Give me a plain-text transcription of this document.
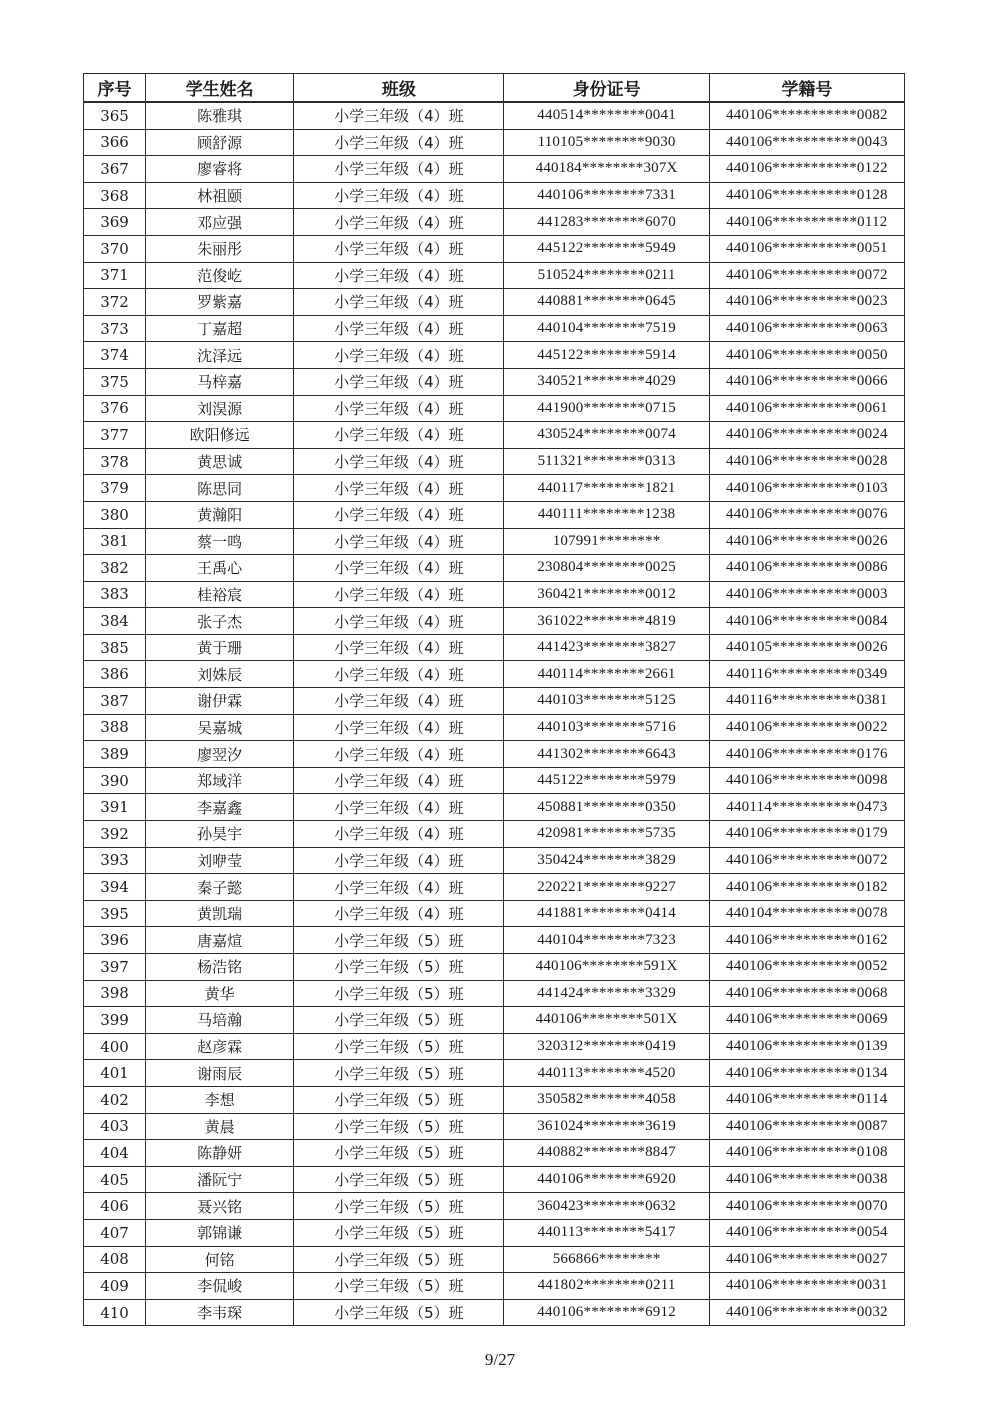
序号	学生姓名	班级	身份证号	学籍号
365	陈雅琪	小学三年级（4）班	440514********0041	440106***********0082
366	顾舒源	小学三年级（4）班	110105********9030	440106***********0043
367	廖睿将	小学三年级（4）班	440184********307X	440106***********0122
368	林祖颐	小学三年级（4）班	440106********7331	440106***********0128
369	邓应强	小学三年级（4）班	441283********6070	440106***********0112
370	朱丽彤	小学三年级（4）班	445122********5949	440106***********0051
371	范俊屹	小学三年级（4）班	510524********0211	440106***********0072
372	罗紫嘉	小学三年级（4）班	440881********0645	440106***********0023
373	丁嘉超	小学三年级（4）班	440104********7519	440106***********0063
374	沈泽远	小学三年级（4）班	445122********5914	440106***********0050
375	马梓嘉	小学三年级（4）班	340521********4029	440106***********0066
376	刘淏源	小学三年级（4）班	441900********0715	440106***********0061
377	欧阳修远	小学三年级（4）班	430524********0074	440106***********0024
378	黄思诚	小学三年级（4）班	511321********0313	440106***********0028
379	陈思同	小学三年级（4）班	440117********1821	440106***********0103
380	黄瀚阳	小学三年级（4）班	440111********1238	440106***********0076
381	蔡一鸣	小学三年级（4）班	107991********	440106***********0026
382	王禹心	小学三年级（4）班	230804********0025	440106***********0086
383	桂裕宸	小学三年级（4）班	360421********0012	440106***********0003
384	张子杰	小学三年级（4）班	361022********4819	440106***********0084
385	黄于珊	小学三年级（4）班	441423********3827	440105***********0026
386	刘姝辰	小学三年级（4）班	440114********2661	440116***********0349
387	谢伊霖	小学三年级（4）班	440103********5125	440116***********0381
388	吴嘉城	小学三年级（4）班	440103********5716	440106***********0022
389	廖翌汐	小学三年级（4）班	441302********6643	440106***********0176
390	郑域洋	小学三年级（4）班	445122********5979	440106***********0098
391	李嘉鑫	小学三年级（4）班	450881********0350	440114***********0473
392	孙昊宇	小学三年级（4）班	420981********5735	440106***********0179
393	刘咿莹	小学三年级（4）班	350424********3829	440106***********0072
394	秦子懿	小学三年级（4）班	220221********9227	440106***********0182
395	黄凯瑞	小学三年级（4）班	441881********0414	440104***********0078
396	唐嘉煊	小学三年级（5）班	440104********7323	440106***********0162
397	杨浩铭	小学三年级（5）班	440106********591X	440106***********0052
398	黄华	小学三年级（5）班	441424********3329	440106***********0068
399	马培瀚	小学三年级（5）班	440106********501X	440106***********0069
400	赵彦霖	小学三年级（5）班	320312********0419	440106***********0139
401	谢雨辰	小学三年级（5）班	440113********4520	440106***********0134
402	李想	小学三年级（5）班	350582********4058	440106***********0114
403	黄晨	小学三年级（5）班	361024********3619	440106***********0087
404	陈静妍	小学三年级（5）班	440882********8847	440106***********0108
405	潘阮宁	小学三年级（5）班	440106********6920	440106***********0038
406	聂兴铭	小学三年级（5）班	360423********0632	440106***********0070
407	郭锦谦	小学三年级（5）班	440113********5417	440106***********0054
408	何铭	小学三年级（5）班	566866********	440106***********0027
409	李侃峻	小学三年级（5）班	441802********0211	440106***********0031
410	李韦琛	小学三年级（5）班	440106********6912	440106***********0032
9/27
